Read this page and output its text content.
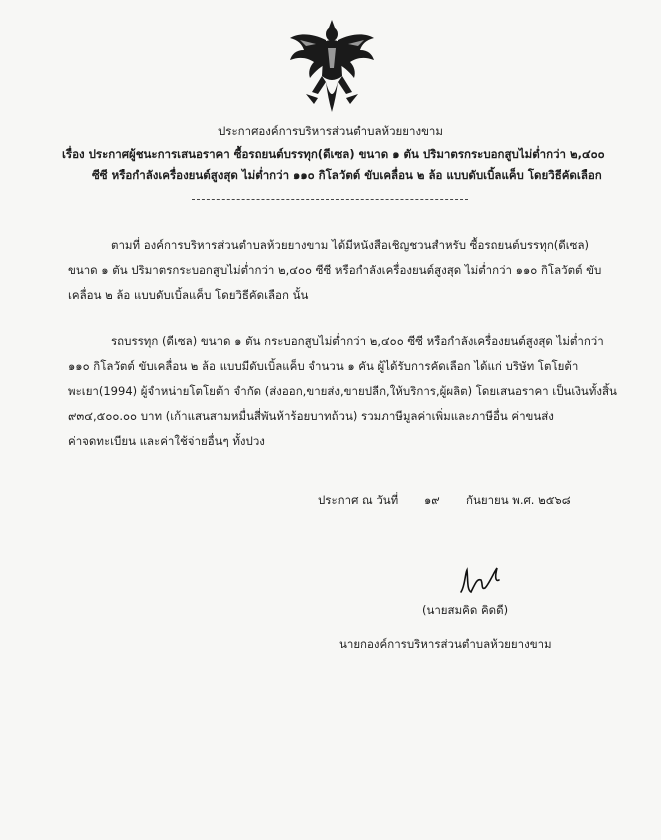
ประกาศองค์การบริหารส่วนตำบลห้วยยางขาม
เรื่อง ประกาศผู้ชนะการเสนอราคา ซื้อรถยนต์บรรทุก(ดีเซล) ขนาด ๑ ตัน ปริมาตรกระบอกสูบไม่ต่ำกว่า ๒,๔๐๐
ซีซี หรือกำลังเครื่องยนต์สูงสุด ไม่ต่ำกว่า ๑๑๐ กิโลวัตต์ ขับเคลื่อน ๒ ล้อ แบบดับเบิ้ลแค็บ โดยวิธีคัดเลือก
ตามที่ องค์การบริหารส่วนตำบลห้วยยางขาม ได้มีหนังสือเชิญชวนสำหรับ ซื้อรถยนต์บรรทุก(ดีเซล)
ขนาด ๑ ตัน ปริมาตรกระบอกสูบไม่ต่ำกว่า ๒,๔๐๐ ซีซี หรือกำลังเครื่องยนต์สูงสุด ไม่ต่ำกว่า ๑๑๐ กิโลวัตต์ ขับ
เคลื่อน ๒ ล้อ แบบดับเบิ้ลแค็บ โดยวิธีคัดเลือก นั้น
รถบรรทุก (ดีเซล) ขนาด ๑ ตัน กระบอกสูบไม่ต่ำกว่า ๒,๔๐๐ ซีซี หรือกำลังเครื่องยนต์สูงสุด ไม่ต่ำกว่า
๑๑๐ กิโลวัตต์ ขับเคลื่อน ๒ ล้อ แบบมีดับเบิ้ลแค็บ จำนวน ๑ คัน ผู้ได้รับการคัดเลือก ได้แก่ บริษัท โตโยต้า
พะเยา(1994) ผู้จำหน่ายโตโยต้า จำกัด (ส่งออก,ขายส่ง,ขายปลีก,ให้บริการ,ผู้ผลิต) โดยเสนอราคา เป็นเงินทั้งสิ้น
๙๓๔,๕๐๐.๐๐ บาท (เก้าแสนสามหมื่นสี่พันห้าร้อยบาทถ้วน) รวมภาษีมูลค่าเพิ่มและภาษีอื่น ค่าขนส่ง
ค่าจดทะเบียน และค่าใช้จ่ายอื่นๆ ทั้งปวง
ประกาศ ณ วันที่ ๑๙ กันยายน พ.ศ. ๒๕๖๘
(นายสมคิด คิดดี)
นายกองค์การบริหารส่วนตำบลห้วยยางขาม
